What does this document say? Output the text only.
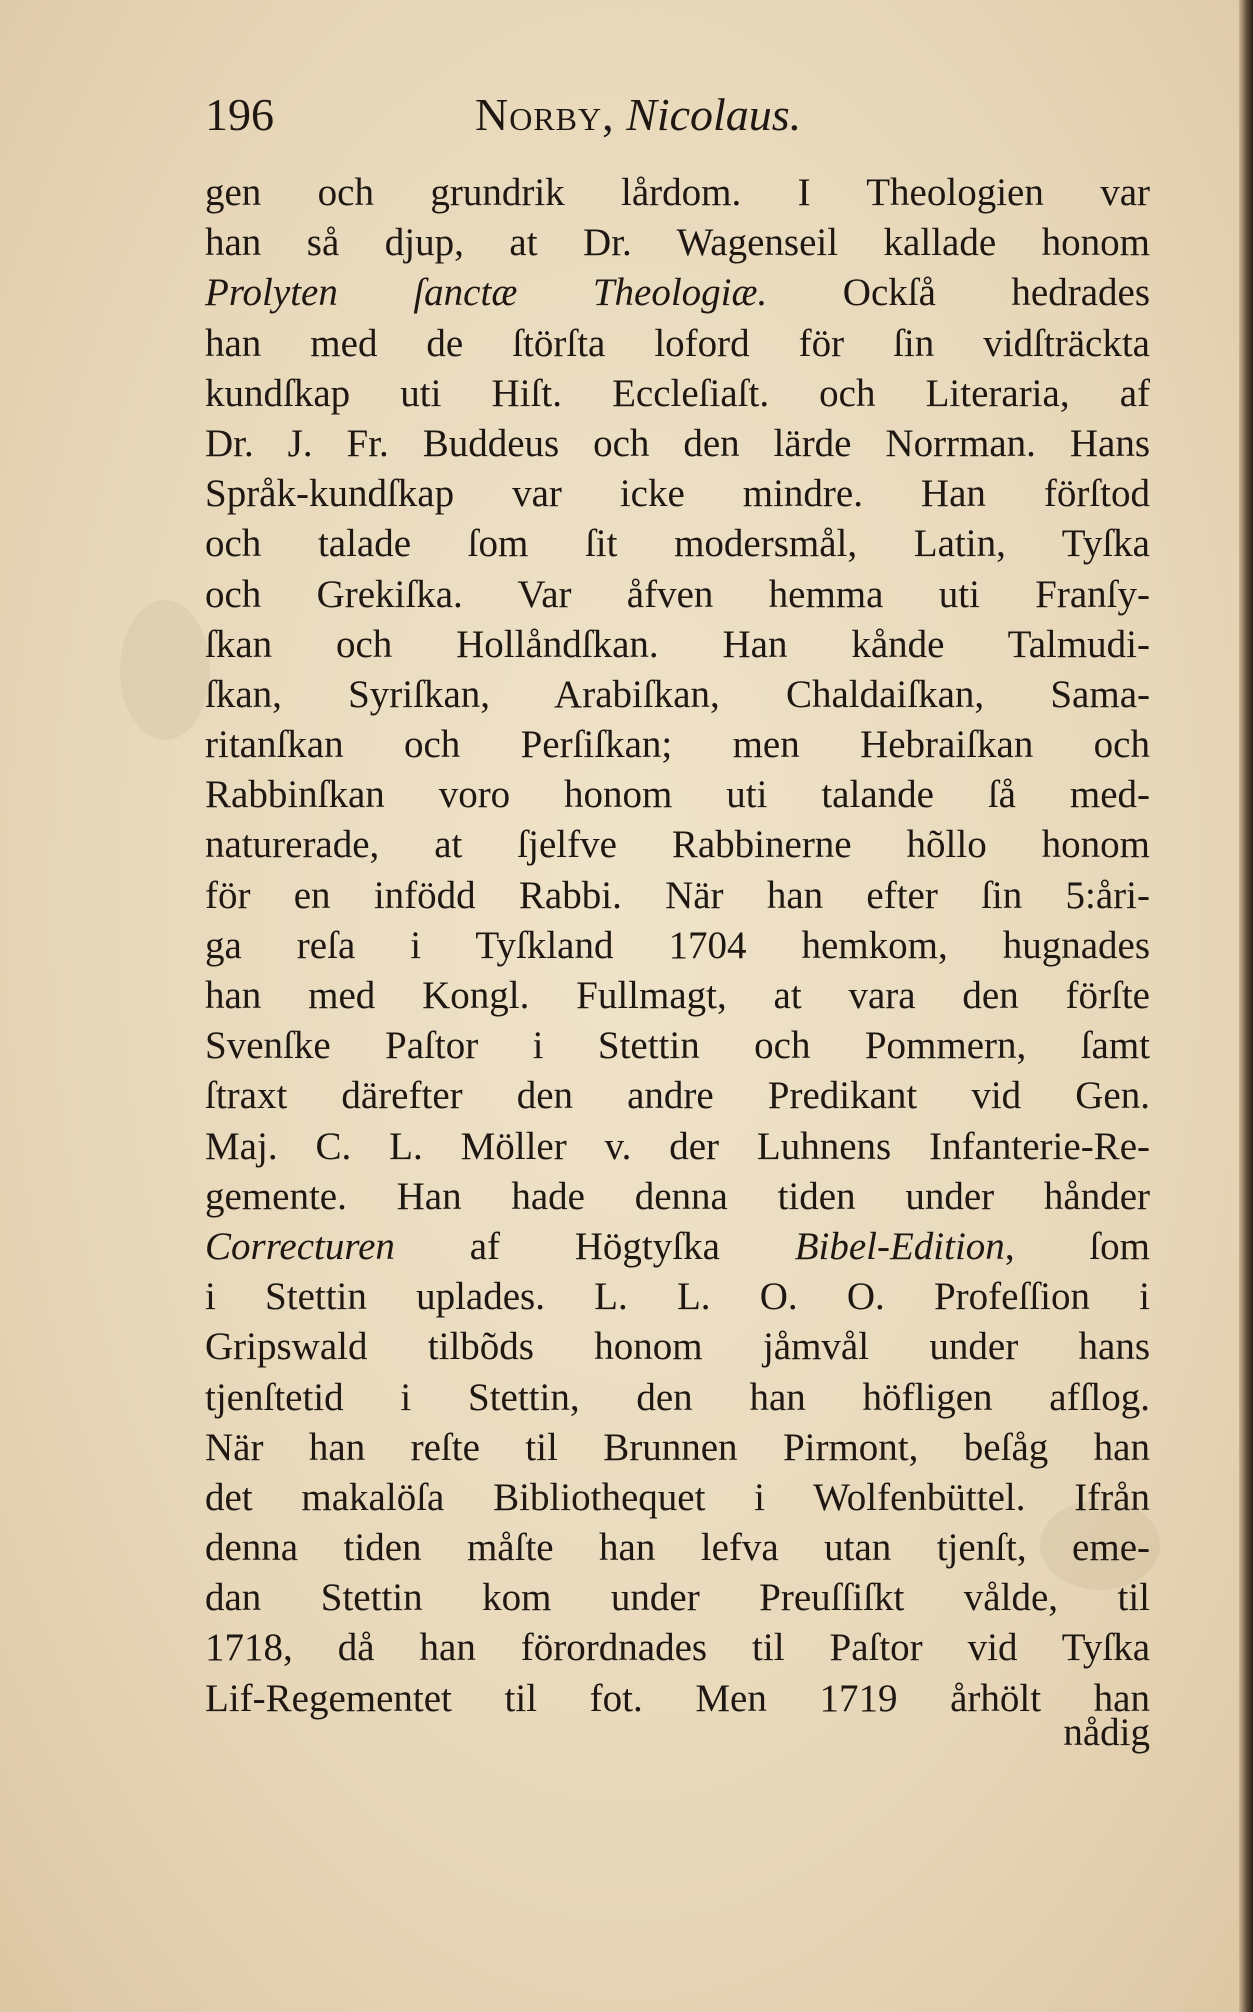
196	Norby, Nicolaus.
gen och grundrik lårdom. I Theologien var
han så djup, at Dr. Wagenseil kallade honom
Prolyten ſanctæ Theologiæ. Ockſå hedrades
han med de ſtörſta loford för ſin vidſträckta
kundſkap uti Hiſt. Eccleſiaſt. och Literaria, af
Dr. J. Fr. Buddeus och den lärde Norrman. Hans
Språk-kundſkap var icke mindre. Han förſtod
och talade ſom ſit modersmål, Latin, Tyſka
och Grekiſka. Var åfven hemma uti Franſy-
ſkan och Hollåndſkan. Han kånde Talmudi-
ſkan, Syriſkan, Arabiſkan, Chaldaiſkan, Sama-
ritanſkan och Perſiſkan; men Hebraiſkan och
Rabbinſkan voro honom uti talande ſå med-
naturerade, at ſjelfve Rabbinerne hõllo honom
för en infödd Rabbi. När han efter ſin 5:åri-
ga reſa i Tyſkland 1704 hemkom, hugnades
han med Kongl. Fullmagt, at vara den förſte
Svenſke Paſtor i Stettin och Pommern, ſamt
ſtraxt därefter den andre Predikant vid Gen.
Maj. C. L. Möller v. der Luhnens Infanterie-Re-
gemente. Han hade denna tiden under hånder
Correcturen af Högtyſka Bibel-Edition, ſom
i Stettin uplades. L. L. O. O. Profeſſion i
Gripswald tilbõds honom jåmvål under hans
tjenſtetid i Stettin, den han höfligen afſlog.
När han reſte til Brunnen Pirmont, beſåg han
det makalöſa Bibliothequet i Wolfenbüttel. Ifrån
denna tiden måſte han lefva utan tjenſt, eme-
dan Stettin kom under Preuſſiſkt vålde, til
1718, då han förordnades til Paſtor vid Tyſka
Lif-Regementet til fot. Men 1719 århölt han
nådig
